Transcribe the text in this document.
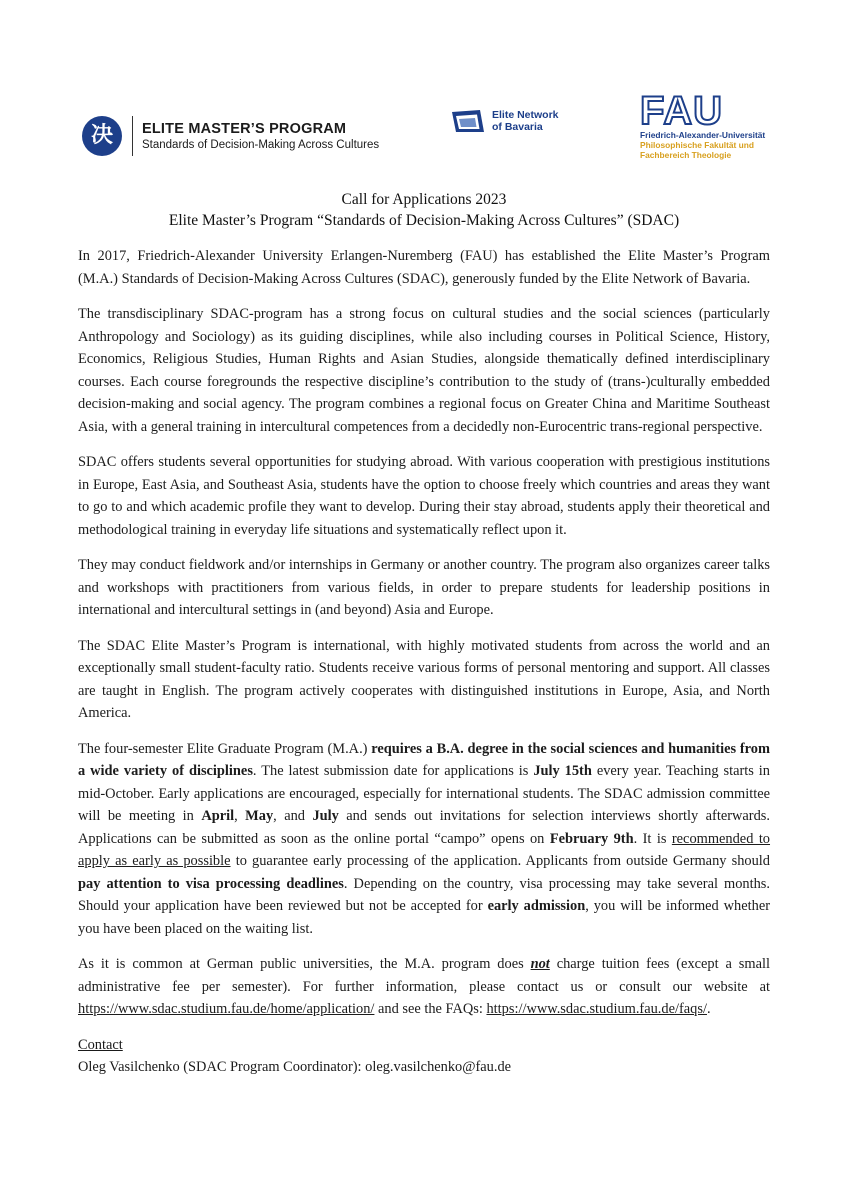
决	ELITE MASTER’S PROGRAM
Standards of Decision-Making Across Cultures
Elite Network
of Bavaria	FAU
Friedrich-Alexander-Universität
Philosophische Fakultät und
Fachbereich Theologie
Call for Applications 2023
Elite Master’s Program “Standards of Decision-Making Across Cultures” (SDAC)

In 2017, Friedrich-Alexander University Erlangen-Nuremberg (FAU) has established the Elite Master’s Program (M.A.) Standards of Decision-Making Across Cultures (SDAC), generously funded by the Elite Network of Bavaria.

The transdisciplinary SDAC-program has a strong focus on cultural studies and the social sciences (particularly Anthropology and Sociology) as its guiding disciplines, while also including courses in Political Science, History, Economics, Religious Studies, Human Rights and Asian Studies, alongside thematically defined interdisciplinary courses. Each course foregrounds the respective discipline’s contribution to the study of (trans-)culturally embedded decision-making and social agency. The program combines a regional focus on Greater China and Maritime Southeast Asia, with a general training in intercultural competences from a decidedly non-Eurocentric trans-regional perspective.

SDAC offers students several opportunities for studying abroad. With various cooperation with prestigious institutions in Europe, East Asia, and Southeast Asia, students have the option to choose freely which countries and areas they want to go to and which academic profile they want to develop. During their stay abroad, students apply their theoretical and methodological training in everyday life situations and systematically reflect upon it.

They may conduct fieldwork and/or internships in Germany or another country. The program also organizes career talks and workshops with practitioners from various fields, in order to prepare students for leadership positions in international and intercultural settings in (and beyond) Asia and Europe.

The SDAC Elite Master’s Program is international, with highly motivated students from across the world and an exceptionally small student-faculty ratio. Students receive various forms of personal mentoring and support. All classes are taught in English. The program actively cooperates with distinguished institutions in Europe, Asia, and North America.

The four-semester Elite Graduate Program (M.A.) requires a B.A. degree in the social sciences and humanities from a wide variety of disciplines. The latest submission date for applications is July 15th every year. Teaching starts in mid-October. Early applications are encouraged, especially for international students. The SDAC admission committee will be meeting in April, May, and July and sends out invitations for selection interviews shortly afterwards. Applications can be submitted as soon as the online portal “campo” opens on February 9th. It is recommended to apply as early as possible to guarantee early processing of the application. Applicants from outside Germany should pay attention to visa processing deadlines. Depending on the country, visa processing may take several months. Should your application have been reviewed but not be accepted for early admission, you will be informed whether you have been placed on the waiting list.

As it is common at German public universities, the M.A. program does not charge tuition fees (except a small administrative fee per semester). For further information, please contact us or consult our website at https://www.sdac.studium.fau.de/home/application/ and see the FAQs: https://www.sdac.studium.fau.de/faqs/.

Contact
Oleg Vasilchenko (SDAC Program Coordinator): oleg.vasilchenko@fau.de
